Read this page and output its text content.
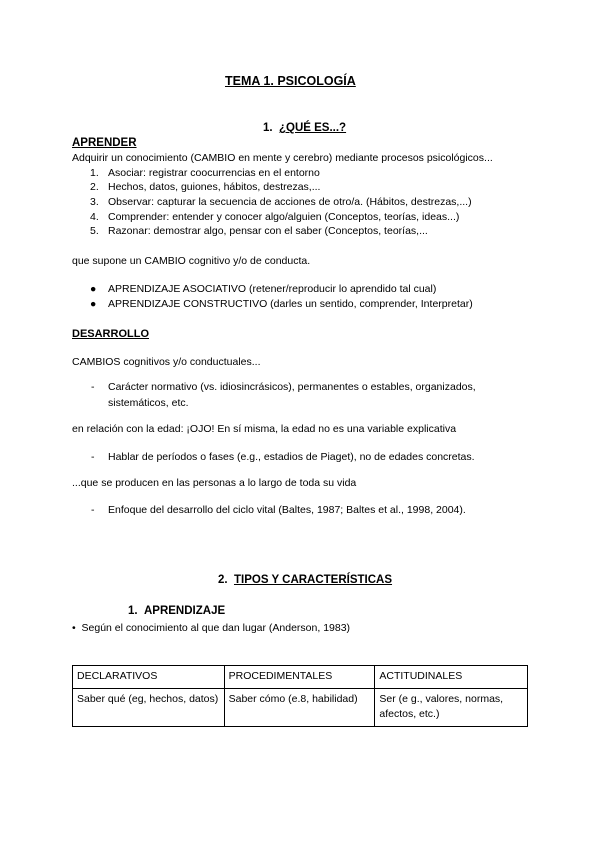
TEMA 1. PSICOLOGÍA
1. ¿QUÉ ES...?
APRENDER
Adquirir un conocimiento (CAMBIO en mente y cerebro) mediante procesos psicológicos...
1. Asociar: registrar coocurrencias en el entorno
2. Hechos, datos, guiones, hábitos, destrezas,...
3. Observar: capturar la secuencia de acciones de otro/a. (Hábitos, destrezas,...)
4. Comprender: entender y conocer algo/alguien (Conceptos, teorías, ideas...)
5. Razonar: demostrar algo, pensar con el saber (Conceptos, teorías,...
que supone un CAMBIO cognitivo y/o de conducta.
● APRENDIZAJE ASOCIATIVO (retener/reproducir lo aprendido tal cual)
● APRENDIZAJE CONSTRUCTIVO (darles un sentido, comprender, Interpretar)
DESARROLLO
CAMBIOS cognitivos y/o conductuales...
- Carácter normativo (vs. idiosincrásicos), permanentes o estables, organizados,
sistemáticos, etc.
en relación con la edad: ¡OJO! En sí misma, la edad no es una variable explicativa
- Hablar de períodos o fases (e.g., estadios de Piaget), no de edades concretas.
...que se producen en las personas a lo largo de toda su vida
- Enfoque del desarrollo del ciclo vital (Baltes, 1987; Baltes et al., 1998, 2004).
2. TIPOS Y CARACTERÍSTICAS
1. APRENDIZAJE
• Según el conocimiento al que dan lugar (Anderson, 1983)
DECLARATIVOS	PROCEDIMENTALES	ACTITUDINALES
Saber qué (eg, hechos, datos)	Saber cómo (e.8, habilidad)	Ser (e g., valores, normas, afectos, etc.)
